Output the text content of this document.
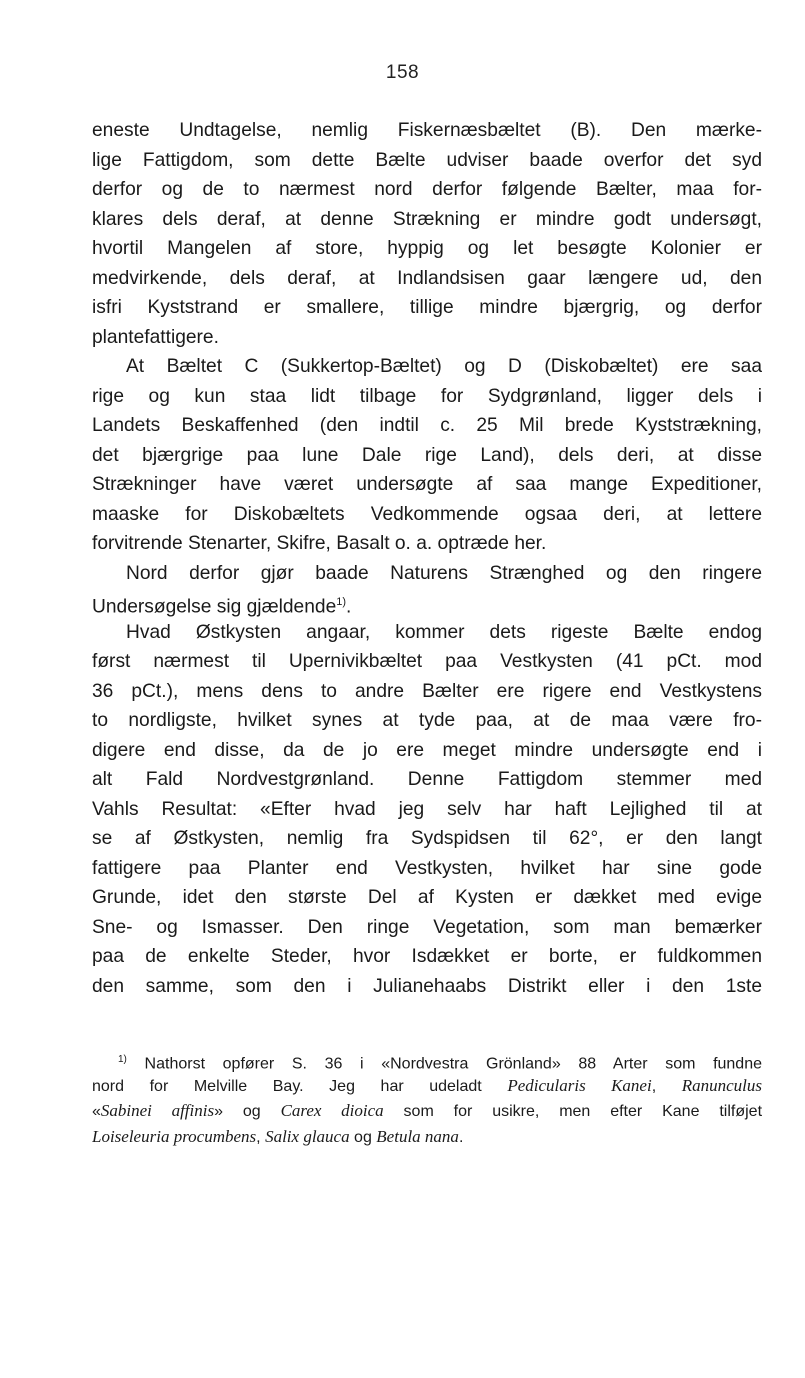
158
eneste Undtagelse, nemlig Fiskernæsbæltet (B). Den mærke-
lige Fattigdom, som dette Bælte udviser baade overfor det syd
derfor og de to nærmest nord derfor følgende Bælter, maa for-
klares dels deraf, at denne Strækning er mindre godt undersøgt,
hvortil Mangelen af store, hyppig og let besøgte Kolonier er
medvirkende, dels deraf, at Indlandsisen gaar længere ud, den
isfri Kyststrand er smallere, tillige mindre bjærgrig, og derfor
plantefattigere.
At Bæltet C (Sukkertop-Bæltet) og D (Diskobæltet) ere saa
rige og kun staa lidt tilbage for Sydgrønland, ligger dels i
Landets Beskaffenhed (den indtil c. 25 Mil brede Kyststrækning,
det bjærgrige paa lune Dale rige Land), dels deri, at disse
Strækninger have været undersøgte af saa mange Expeditioner,
maaske for Diskobæltets Vedkommende ogsaa deri, at lettere
forvitrende Stenarter, Skifre, Basalt o. a. optræde her.
Nord derfor gjør baade Naturens Strænghed og den ringere
Undersøgelse sig gjældende$^{1)}$.
Hvad Østkysten angaar, kommer dets rigeste Bælte endog
først nærmest til Upernivikbæltet paa Vestkysten (41 pCt. mod
36 pCt.), mens dens to andre Bælter ere rigere end Vestkystens
to nordligste, hvilket synes at tyde paa, at de maa være fro-
digere end disse, da de jo ere meget mindre undersøgte end i
alt Fald Nordvestgrønland. Denne Fattigdom stemmer med
Vahls Resultat: «Efter hvad jeg selv har haft Lejlighed til at
se af Østkysten, nemlig fra Sydspidsen til 62°, er den langt
fattigere paa Planter end Vestkysten, hvilket har sine gode
Grunde, idet den største Del af Kysten er dækket med evige
Sne- og Ismasser. Den ringe Vegetation, som man bemærker
paa de enkelte Steder, hvor Isdækket er borte, er fuldkommen
den samme, som den i Julianehaabs Distrikt eller i den 1ste
$^{1)}$ Nathorst opfører S. 36 i «Nordvestra Grönland» 88 Arter som fundne
nord for Melville Bay. Jeg har udeladt Pedicularis Kanei, Ranunculus
«Sabinei affinis» og Carex dioica som for usikre, men efter Kane tilføjet
Loiseleuria procumbens, Salix glauca og Betula nana.
